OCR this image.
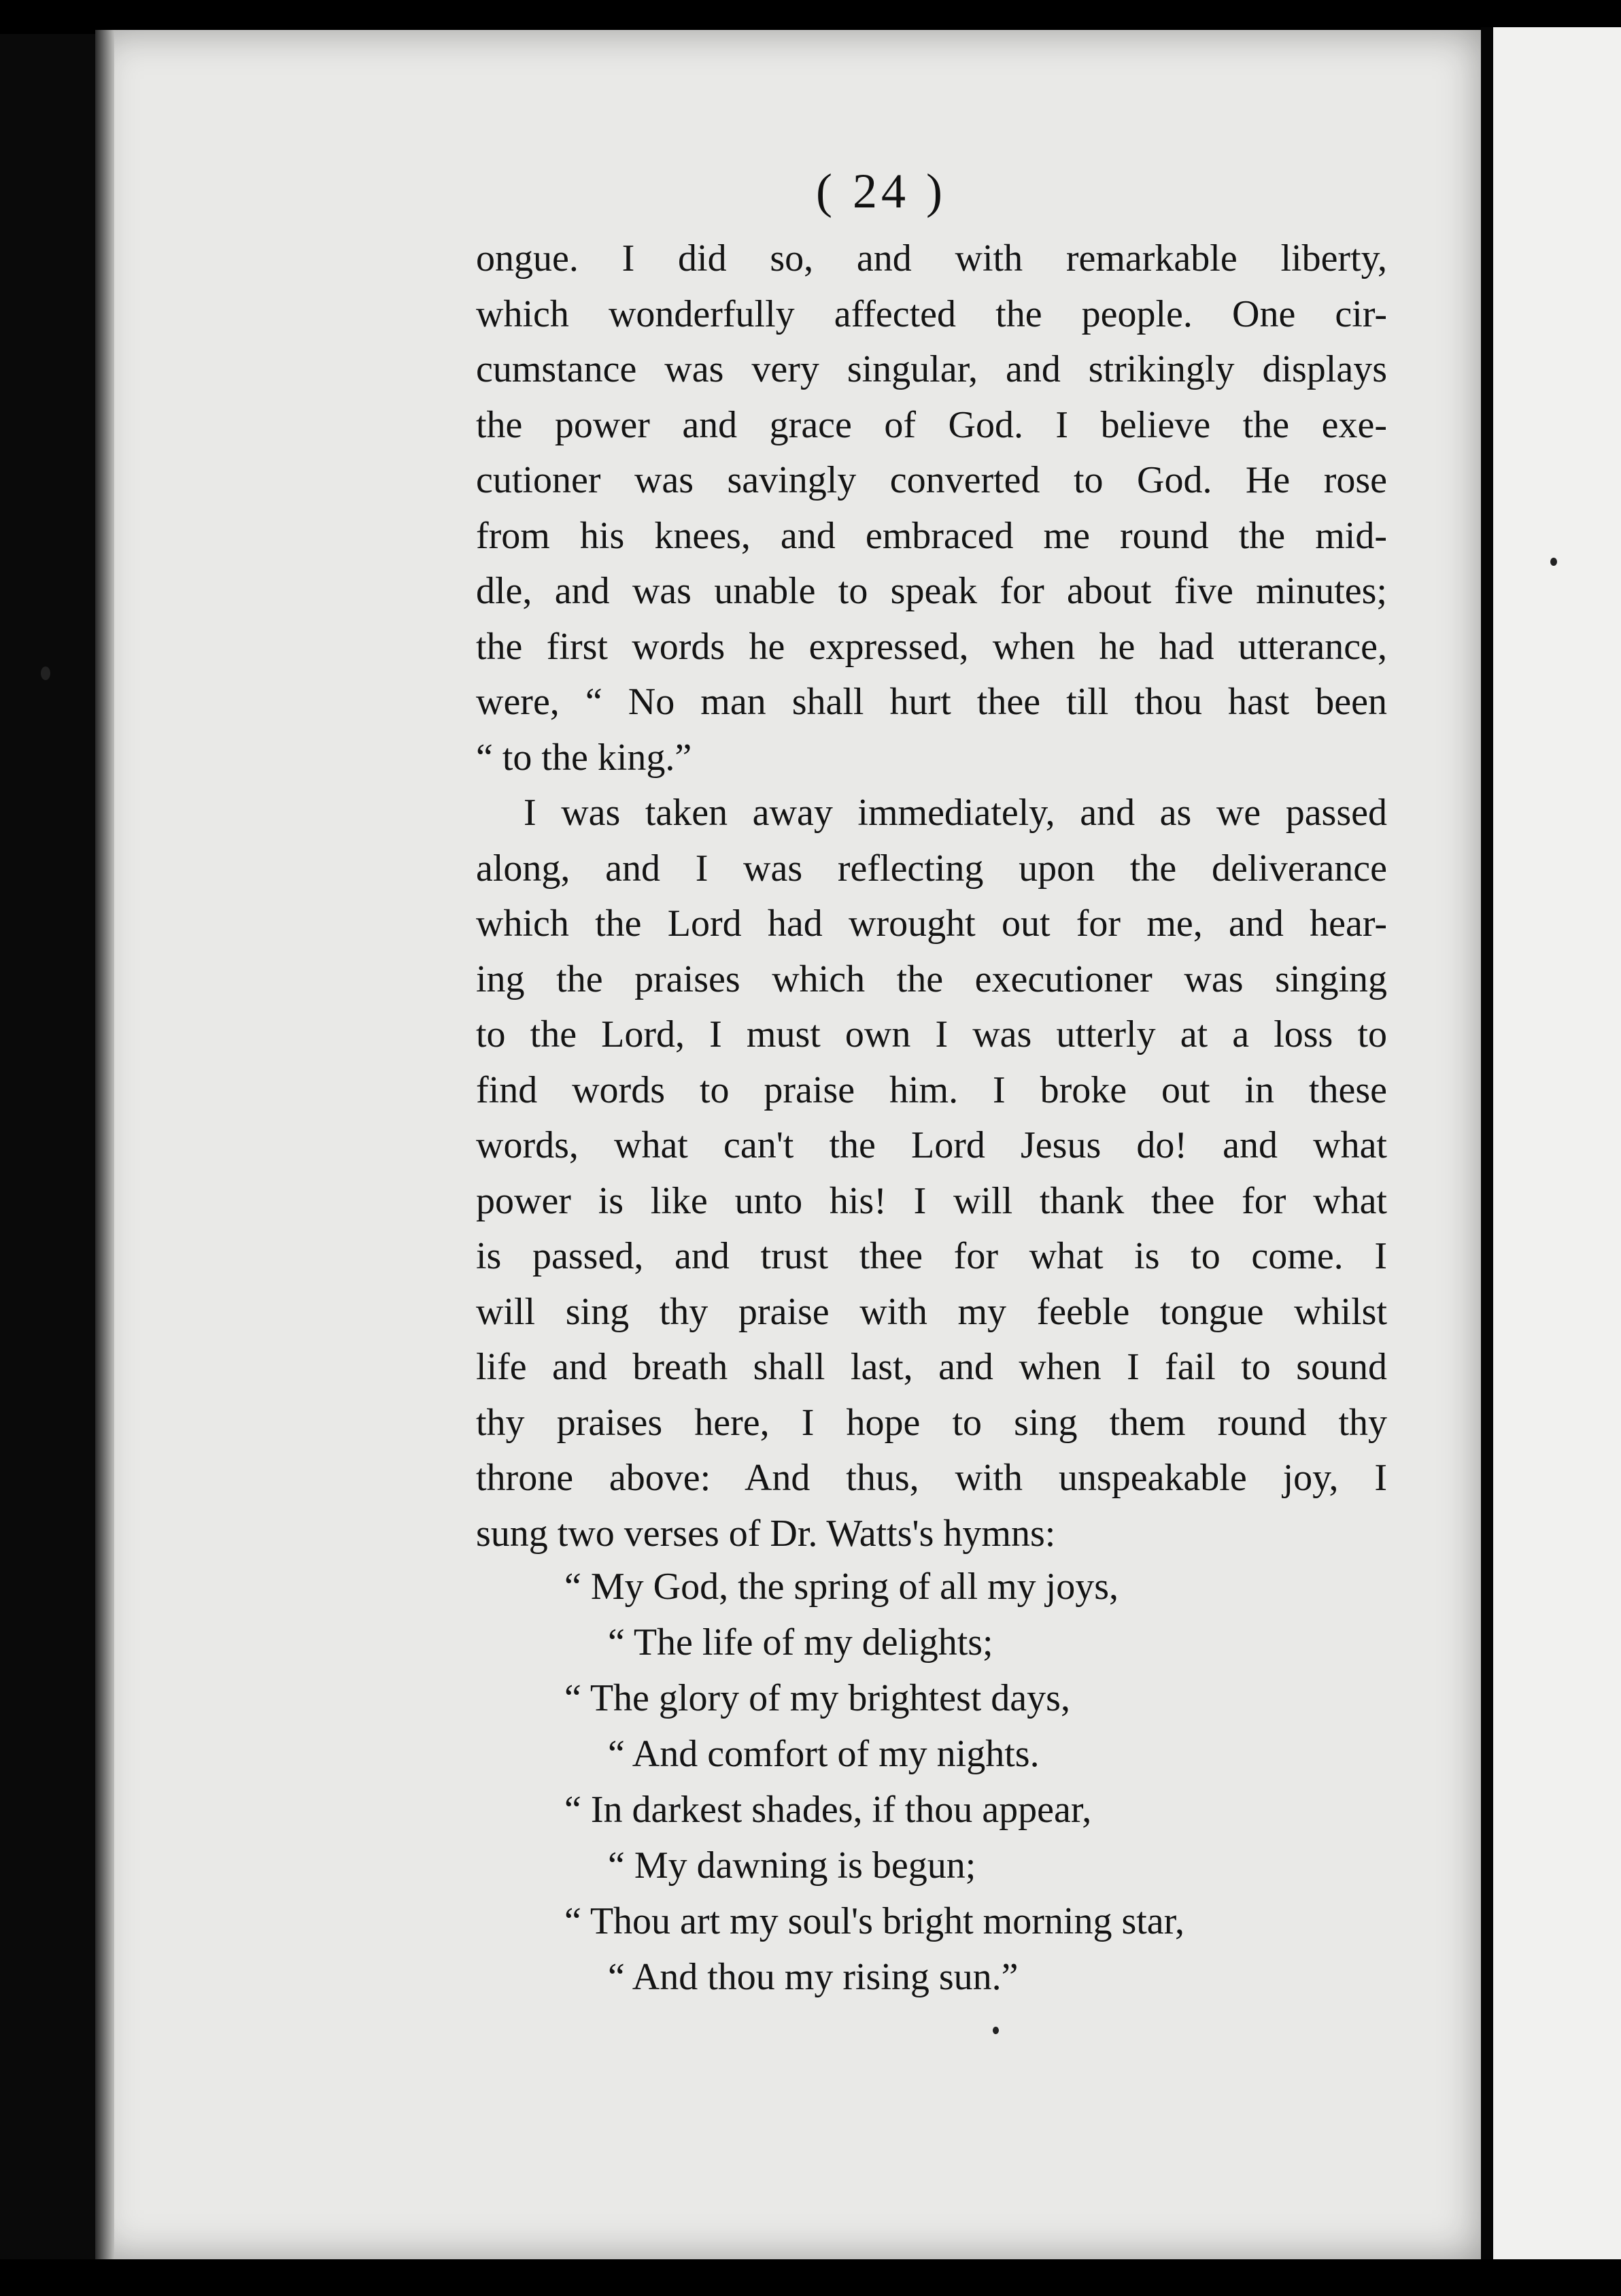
( 24 )
ongue. I did so, and with remarkable liberty,
which wonderfully affected the people. One cir-
cumstance was very singular, and strikingly displays
the power and grace of God. I believe the exe-
cutioner was savingly converted to God. He rose
from his knees, and embraced me round the mid-
dle, and was unable to speak for about five minutes;
the first words he expressed, when he had utterance,
were, “ No man shall hurt thee till thou hast been
“ to the king.”
I was taken away immediately, and as we passed
along, and I was reflecting upon the deliverance
which the Lord had wrought out for me, and hear-
ing the praises which the executioner was singing
to the Lord, I must own I was utterly at a loss to
find words to praise him. I broke out in these
words, what can't the Lord Jesus do! and what
power is like unto his! I will thank thee for what
is passed, and trust thee for what is to come. I
will sing thy praise with my feeble tongue whilst
life and breath shall last, and when I fail to sound
thy praises here, I hope to sing them round thy
throne above: And thus, with unspeakable joy, I
sung two verses of Dr. Watts's hymns:
“ My God, the spring of all my joys,
“ The life of my delights;
“ The glory of my brightest days,
“ And comfort of my nights.
“ In darkest shades, if thou appear,
“ My dawning is begun;
“ Thou art my soul's bright morning star,
“ And thou my rising sun.”
